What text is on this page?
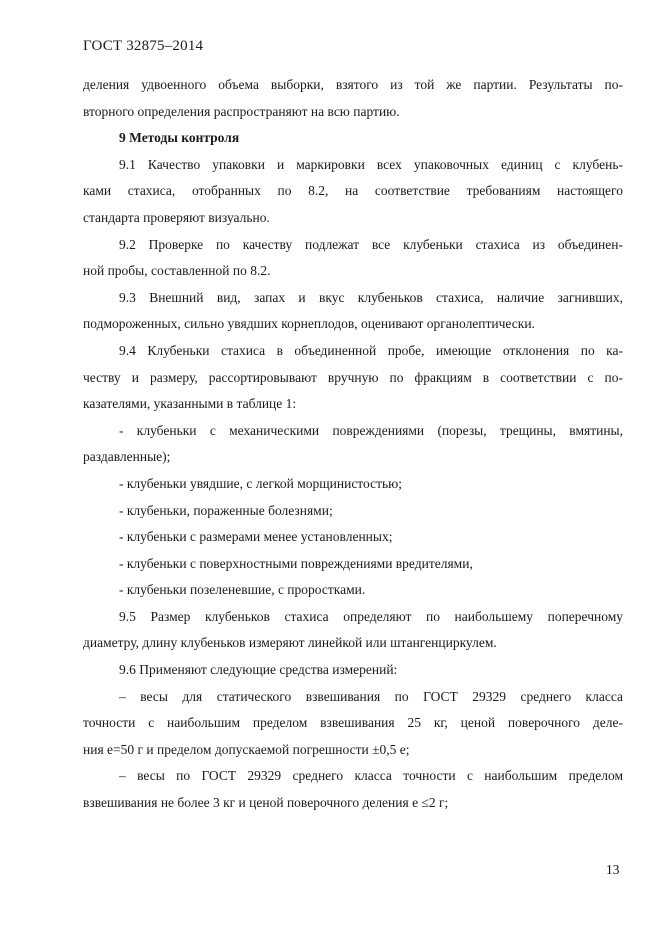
ГОСТ 32875–2014
деления удвоенного объема выборки, взятого из той же партии. Результаты по-
вторного определения распространяют на всю партию.
9 Методы контроля
9.1 Качество упаковки и маркировки всех упаковочных единиц с клубень-
ками стахиса, отобранных по 8.2, на соответствие требованиям настоящего
стандарта проверяют визуально.
9.2 Проверке по качеству подлежат все клубеньки стахиса из объединен-
ной пробы, составленной по 8.2.
9.3 Внешний вид, запах и вкус клубеньков стахиса, наличие загнивших,
подмороженных, сильно увядших корнеплодов, оценивают органолептически.
9.4 Клубеньки стахиса в объединенной пробе, имеющие отклонения по ка-
честву и размеру, рассортировывают вручную по фракциям в соответствии с по-
казателями, указанными в таблице 1:
- клубеньки с механическими повреждениями (порезы, трещины, вмятины,
раздавленные);
- клубеньки увядшие, с легкой морщинистостью;
- клубеньки, пораженные болезнями;
- клубеньки с размерами менее установленных;
- клубеньки с поверхностными повреждениями вредителями,
- клубеньки позеленевшие, с проростками.
9.5 Размер клубеньков стахиса определяют по наибольшему поперечному
диаметру, длину клубеньков измеряют линейкой или штангенциркулем.
9.6 Применяют следующие средства измерений:
– весы для статического взвешивания по ГОСТ 29329 среднего класса
точности с наибольшим пределом взвешивания 25 кг, ценой поверочного деле-
ния e=50 г и пределом допускаемой погрешности ±0,5 e;
– весы по ГОСТ 29329 среднего класса точности с наибольшим пределом
взвешивания не более 3 кг и ценой поверочного деления e ≤2 г;
13
